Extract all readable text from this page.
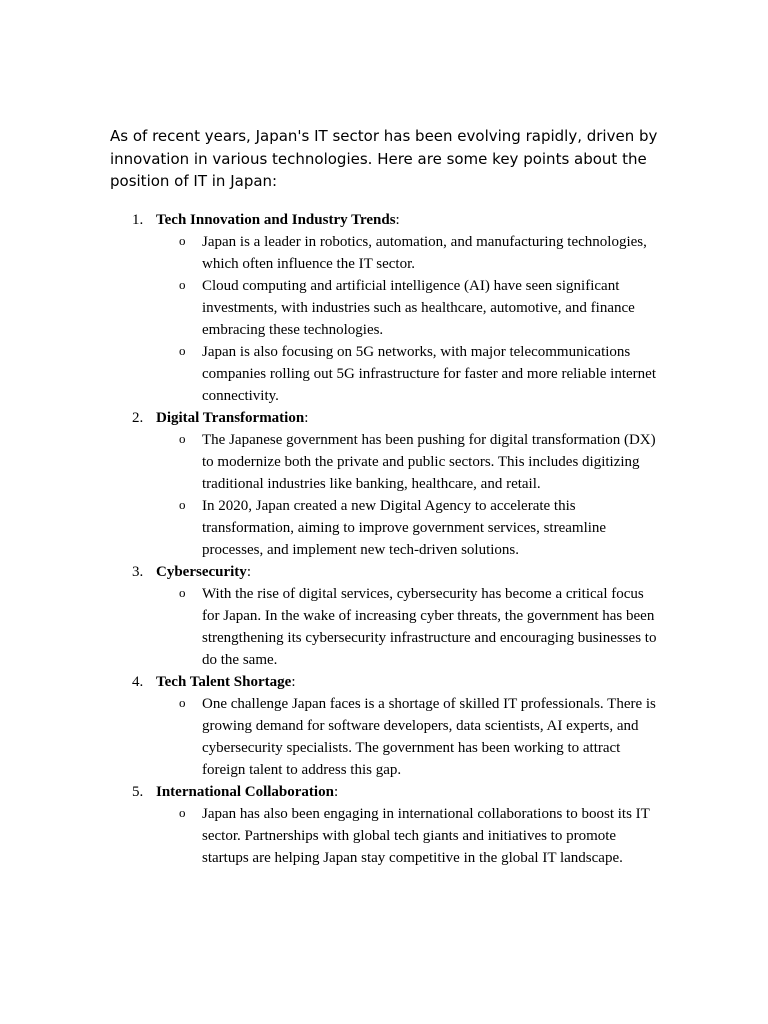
As of recent years, Japan's IT sector has been evolving rapidly, driven by innovation in various technologies. Here are some key points about the position of IT in Japan:

1. Tech Innovation and Industry Trends:
o Japan is a leader in robotics, automation, and manufacturing technologies, which often influence the IT sector.
o Cloud computing and artificial intelligence (AI) have seen significant investments, with industries such as healthcare, automotive, and finance embracing these technologies.
o Japan is also focusing on 5G networks, with major telecommunications companies rolling out 5G infrastructure for faster and more reliable internet connectivity.
2. Digital Transformation:
o The Japanese government has been pushing for digital transformation (DX) to modernize both the private and public sectors. This includes digitizing traditional industries like banking, healthcare, and retail.
o In 2020, Japan created a new Digital Agency to accelerate this transformation, aiming to improve government services, streamline processes, and implement new tech-driven solutions.
3. Cybersecurity:
o With the rise of digital services, cybersecurity has become a critical focus for Japan. In the wake of increasing cyber threats, the government has been strengthening its cybersecurity infrastructure and encouraging businesses to do the same.
4. Tech Talent Shortage:
o One challenge Japan faces is a shortage of skilled IT professionals. There is growing demand for software developers, data scientists, AI experts, and cybersecurity specialists. The government has been working to attract foreign talent to address this gap.
5. International Collaboration:
o Japan has also been engaging in international collaborations to boost its IT sector. Partnerships with global tech giants and initiatives to promote startups are helping Japan stay competitive in the global IT landscape.
